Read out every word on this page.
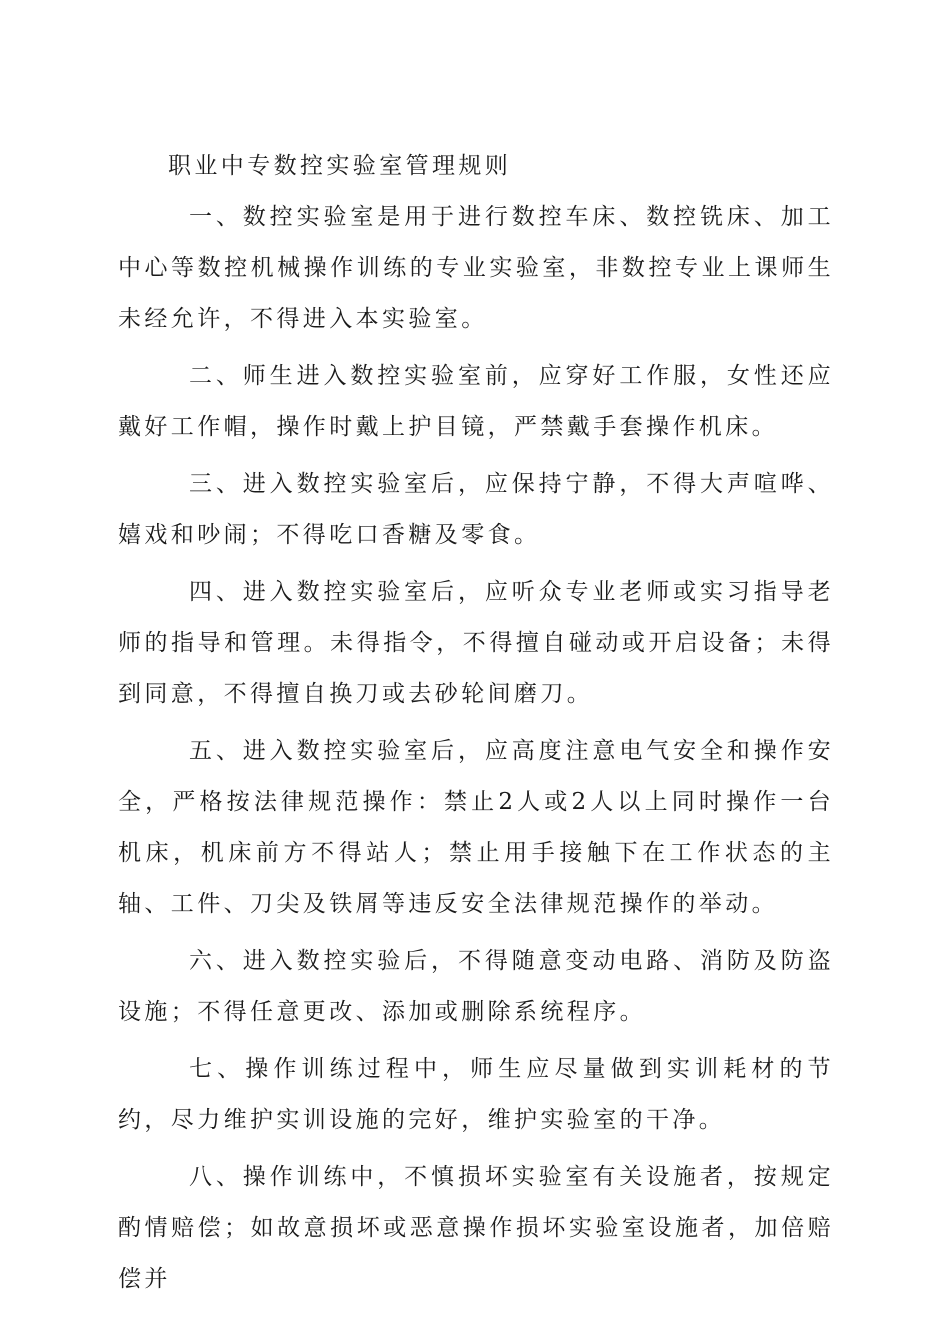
职业中专数控实验室管理规则

一、数控实验室是用于进行数控车床、数控铣床、加工中心等数控机械操作训练的专业实验室，非数控专业上课师生未经允许，不得进入本实验室。

二、师生进入数控实验室前，应穿好工作服，女性还应戴好工作帽，操作时戴上护目镜，严禁戴手套操作机床。

三、进入数控实验室后，应保持宁静，不得大声喧哗、嬉戏和吵闹；不得吃口香糖及零食。

四、进入数控实验室后，应听众专业老师或实习指导老师的指导和管理。未得指令，不得擅自碰动或开启设备；未得到同意，不得擅自换刀或去砂轮间磨刀。

五、进入数控实验室后，应高度注意电气安全和操作安全，严格按法律规范操作：禁止2人或2人以上同时操作一台机床，机床前方不得站人；禁止用手接触下在工作状态的主轴、工件、刀尖及铁屑等违反安全法律规范操作的举动。

六、进入数控实验后，不得随意变动电路、消防及防盗设施；不得任意更改、添加或删除系统程序。

七、操作训练过程中，师生应尽量做到实训耗材的节约，尽力维护实训设施的完好，维护实验室的干净。

八、操作训练中，不慎损坏实验室有关设施者，按规定酌情赔偿；如故意损坏或恶意操作损坏实验室设施者，加倍赔偿并
